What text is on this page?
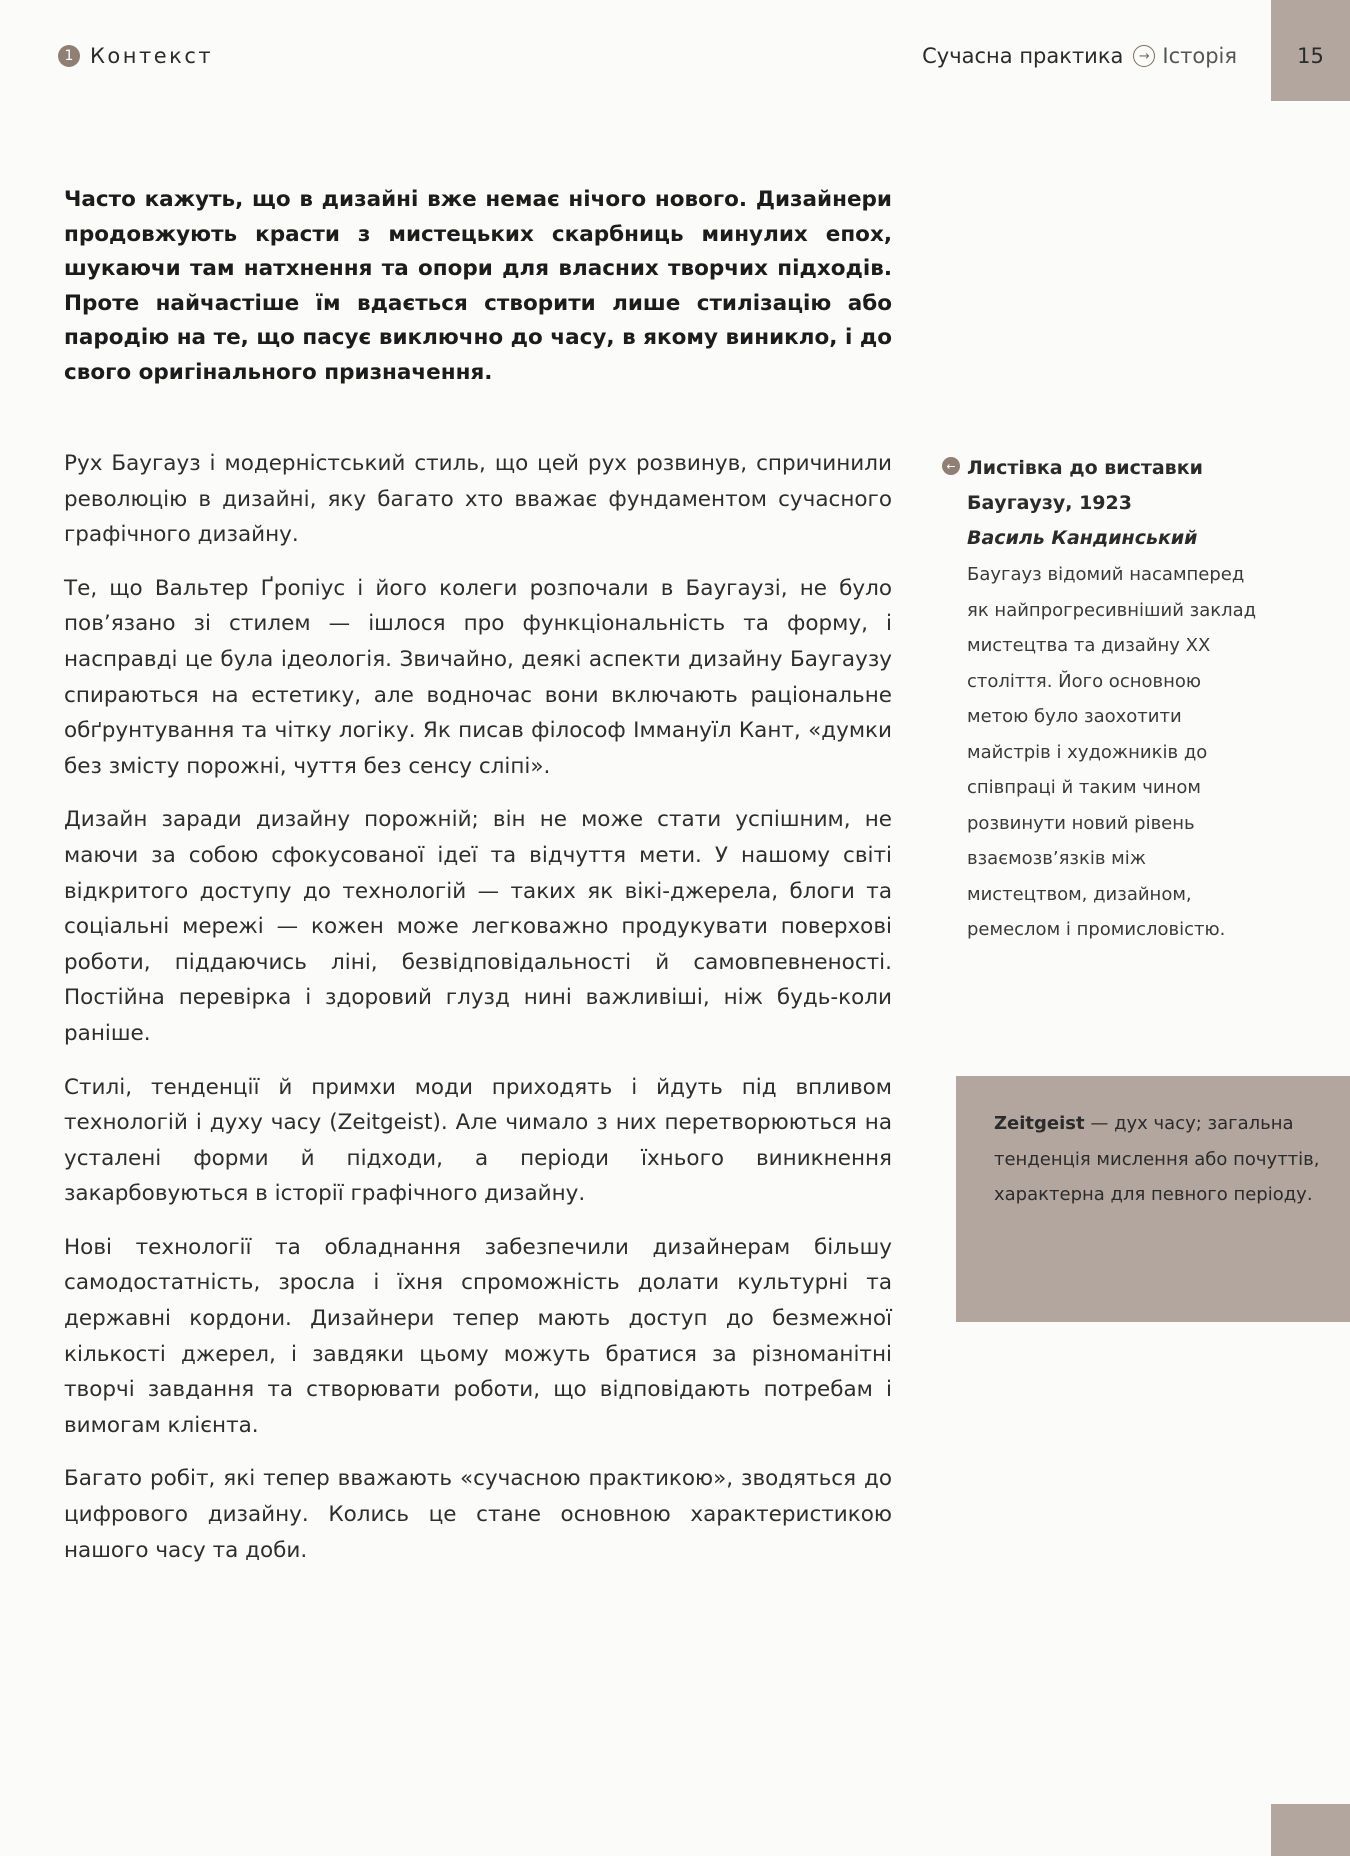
1 Контекст	Сучасна практика	→ Історія	15

Часто кажуть, що в дизайні вже немає нічого нового. Дизайнери продовжують красти з мистецьких скарбниць минулих епох, шукаючи там натхнення та опори для власних творчих підходів. Проте найчастіше їм вдається створити лише стилізацію або пародію на те, що пасує виключно до часу, в якому виникло, і до свого оригінального призначення.

Рух Баугауз і модерністський стиль, що цей рух розвинув, спричинили революцію в дизайні, яку багато хто вважає фундаментом сучасного графічного дизайну.

Те, що Вальтер Ґропіус і його колеги розпочали в Баугаузі, не було пов’язано зі стилем — ішлося про функціональність та форму, і насправді це була ідеологія. Звичайно, деякі аспекти дизайну Баугаузу спираються на естетику, але водночас вони включають раціональне обґрунтування та чітку логіку. Як писав філософ Іммануїл Кант, «думки без змісту порожні, чуття без сенсу сліпі».

Дизайн заради дизайну порожній; він не може стати успішним, не маючи за собою сфокусованої ідеї та відчуття мети. У нашому світі відкритого доступу до технологій — таких як вікі-джерела, блоги та соціальні мережі — кожен може легковажно продукувати поверхові роботи, піддаючись ліні, безвідповідальності й самовпевненості. Постійна перевірка і здоровий глузд нині важливіші, ніж будь-коли раніше.

Стилі, тенденції й примхи моди приходять і йдуть під впливом технологій і духу часу (Zeitgeist). Але чимало з них перетворюються на усталені форми й підходи, а періоди їхнього виникнення закарбовуються в історії графічного дизайну.

Нові технології та обладнання забезпечили дизайнерам більшу самодостатність, зросла і їхня спроможність долати культурні та державні кордони. Дизайнери тепер мають доступ до безмежної кількості джерел, і завдяки цьому можуть братися за різноманітні творчі завдання та створювати роботи, що відповідають потребам і вимогам клієнта.

Багато робіт, які тепер вважають «сучасною практикою», зводяться до цифрового дизайну. Колись це стане основною характеристикою нашого часу та доби.

← Листівка до виставки Баугаузу, 1923
Василь Кандинський
Баугауз відомий насамперед як найпрогресивніший заклад мистецтва та дизайну XX століття. Його основною метою було заохотити майстрів і художників до співпраці й таким чином розвинути новий рівень взаємозв’язків між мистецтвом, дизайном, ремеслом і промисловістю.
Zeitgeist — дух часу; загальна тенденція мислення або почуттів, характерна для певного періоду.
